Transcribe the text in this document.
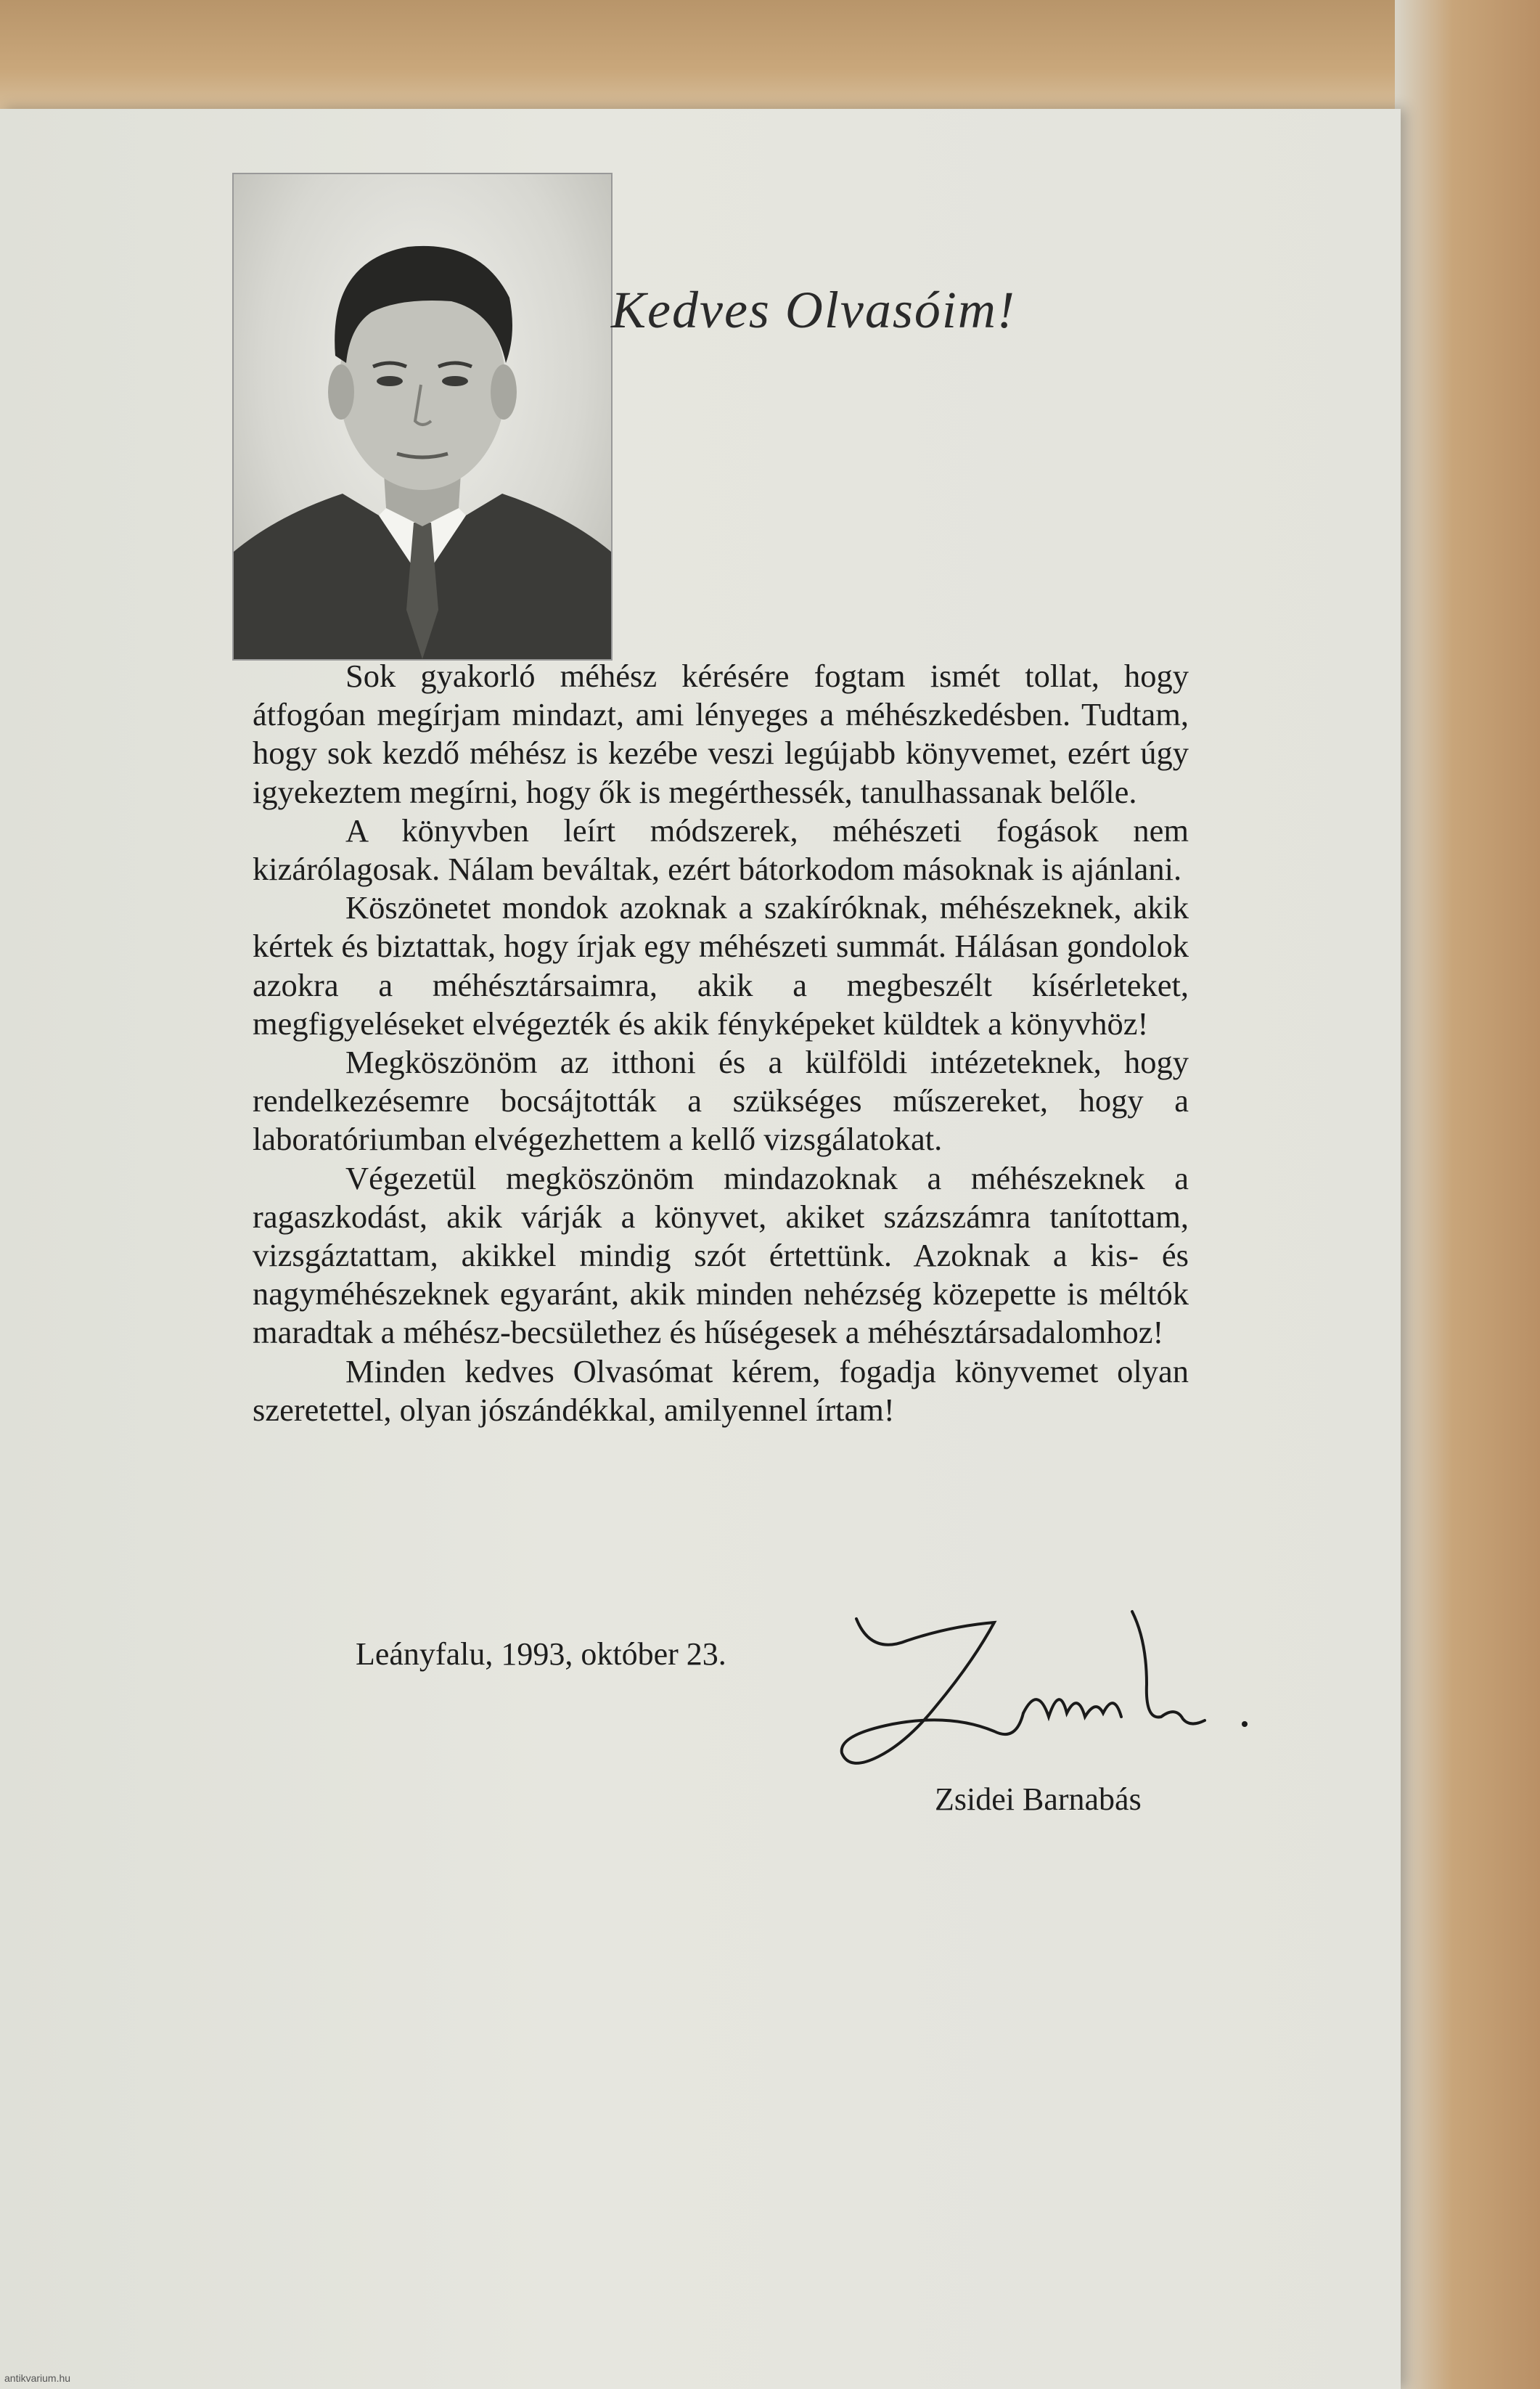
Kedves Olvasóim!

Sok gyakorló méhész kérésére fogtam ismét tollat, hogy átfogóan megírjam mindazt, ami lényeges a méhészkedésben. Tudtam, hogy sok kezdő méhész is kezébe veszi legújabb könyvemet, ezért úgy igyekeztem megírni, hogy ők is megérthessék, tanulhassanak belőle.

A könyvben leírt módszerek, méhészeti fogások nem kizárólagosak. Nálam beváltak, ezért bátorkodom másoknak is ajánlani.

Köszönetet mondok azoknak a szakíróknak, méhészeknek, akik kértek és biztattak, hogy írjak egy méhészeti summát. Hálásan gondolok azokra a méhésztársaimra, akik a megbeszélt kísérleteket, megfigyeléseket elvégezték és akik fényképeket küldtek a könyvhöz!

Megköszönöm az itthoni és a külföldi intézeteknek, hogy rendelkezésemre bocsájtották a szükséges műszereket, hogy a laboratóriumban elvégezhettem a kellő vizsgálatokat.

Végezetül megköszönöm mindazoknak a méhészeknek a ragaszkodást, akik várják a könyvet, akiket százszámra tanítottam, vizsgáztattam, akikkel mindig szót értettünk. Azoknak a kis- és nagyméhészeknek egyaránt, akik minden nehézség közepette is méltók maradtak a méhész-becsülethez és hűségesek a méhésztársadalomhoz!

Minden kedves Olvasómat kérem, fogadja könyvemet olyan szeretettel, olyan jószándékkal, amilyennel írtam!

Leányfalu, 1993, október 23.
Zsidei Barnabás
antikvarium.hu
